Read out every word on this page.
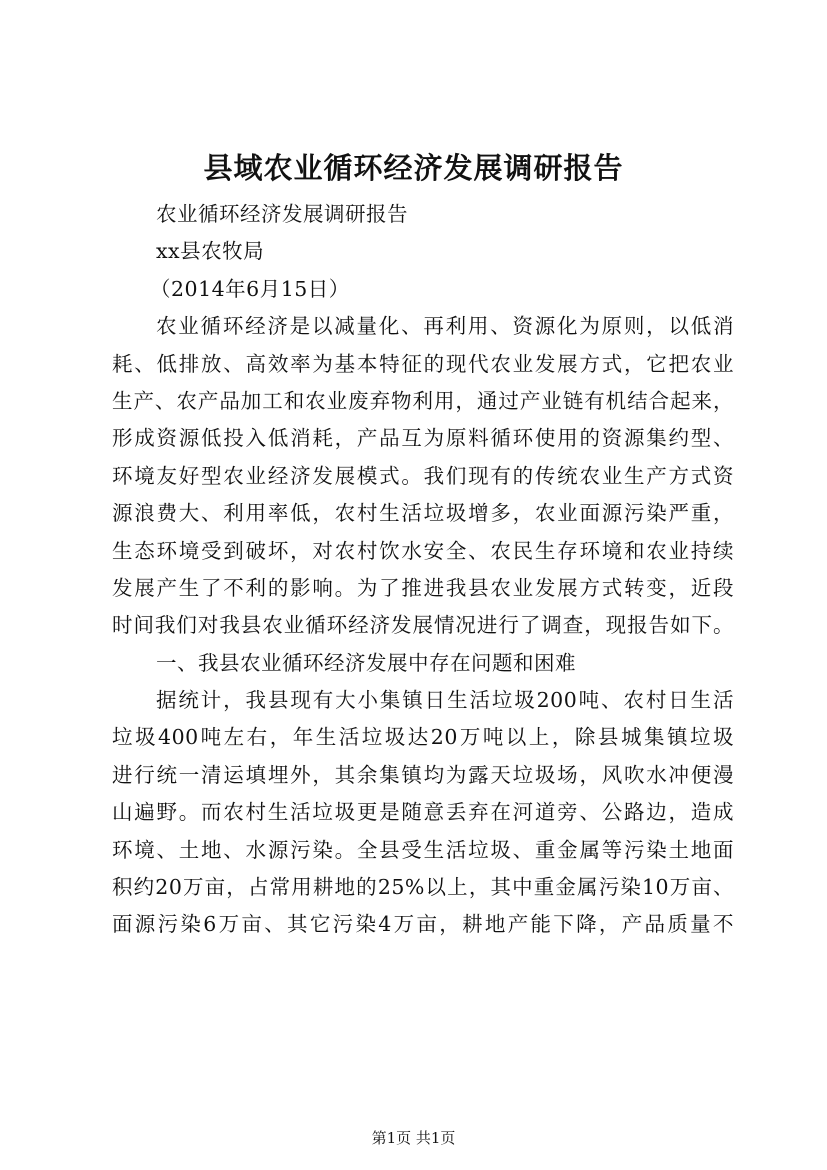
县域农业循环经济发展调研报告
农业循环经济发展调研报告
xx县农牧局
（2014年6月15日）
农业循环经济是以减量化、再利用、资源化为原则，以低消
耗、低排放、高效率为基本特征的现代农业发展方式，它把农业
生产、农产品加工和农业废弃物利用，通过产业链有机结合起来，
形成资源低投入低消耗，产品互为原料循环使用的资源集约型、
环境友好型农业经济发展模式。我们现有的传统农业生产方式资
源浪费大、利用率低，农村生活垃圾增多，农业面源污染严重，
生态环境受到破坏，对农村饮水安全、农民生存环境和农业持续
发展产生了不利的影响。为了推进我县农业发展方式转变，近段
时间我们对我县农业循环经济发展情况进行了调查，现报告如下。
一、我县农业循环经济发展中存在问题和困难
据统计，我县现有大小集镇日生活垃圾200吨、农村日生活
垃圾400吨左右，年生活垃圾达20万吨以上，除县城集镇垃圾
进行统一清运填埋外，其余集镇均为露天垃圾场，风吹水冲便漫
山遍野。而农村生活垃圾更是随意丢弃在河道旁、公路边，造成
环境、土地、水源污染。全县受生活垃圾、重金属等污染土地面
积约20万亩，占常用耕地的25%以上，其中重金属污染10万亩、
面源污染6万亩、其它污染4万亩，耕地产能下降，产品质量不
第1页 共1页
